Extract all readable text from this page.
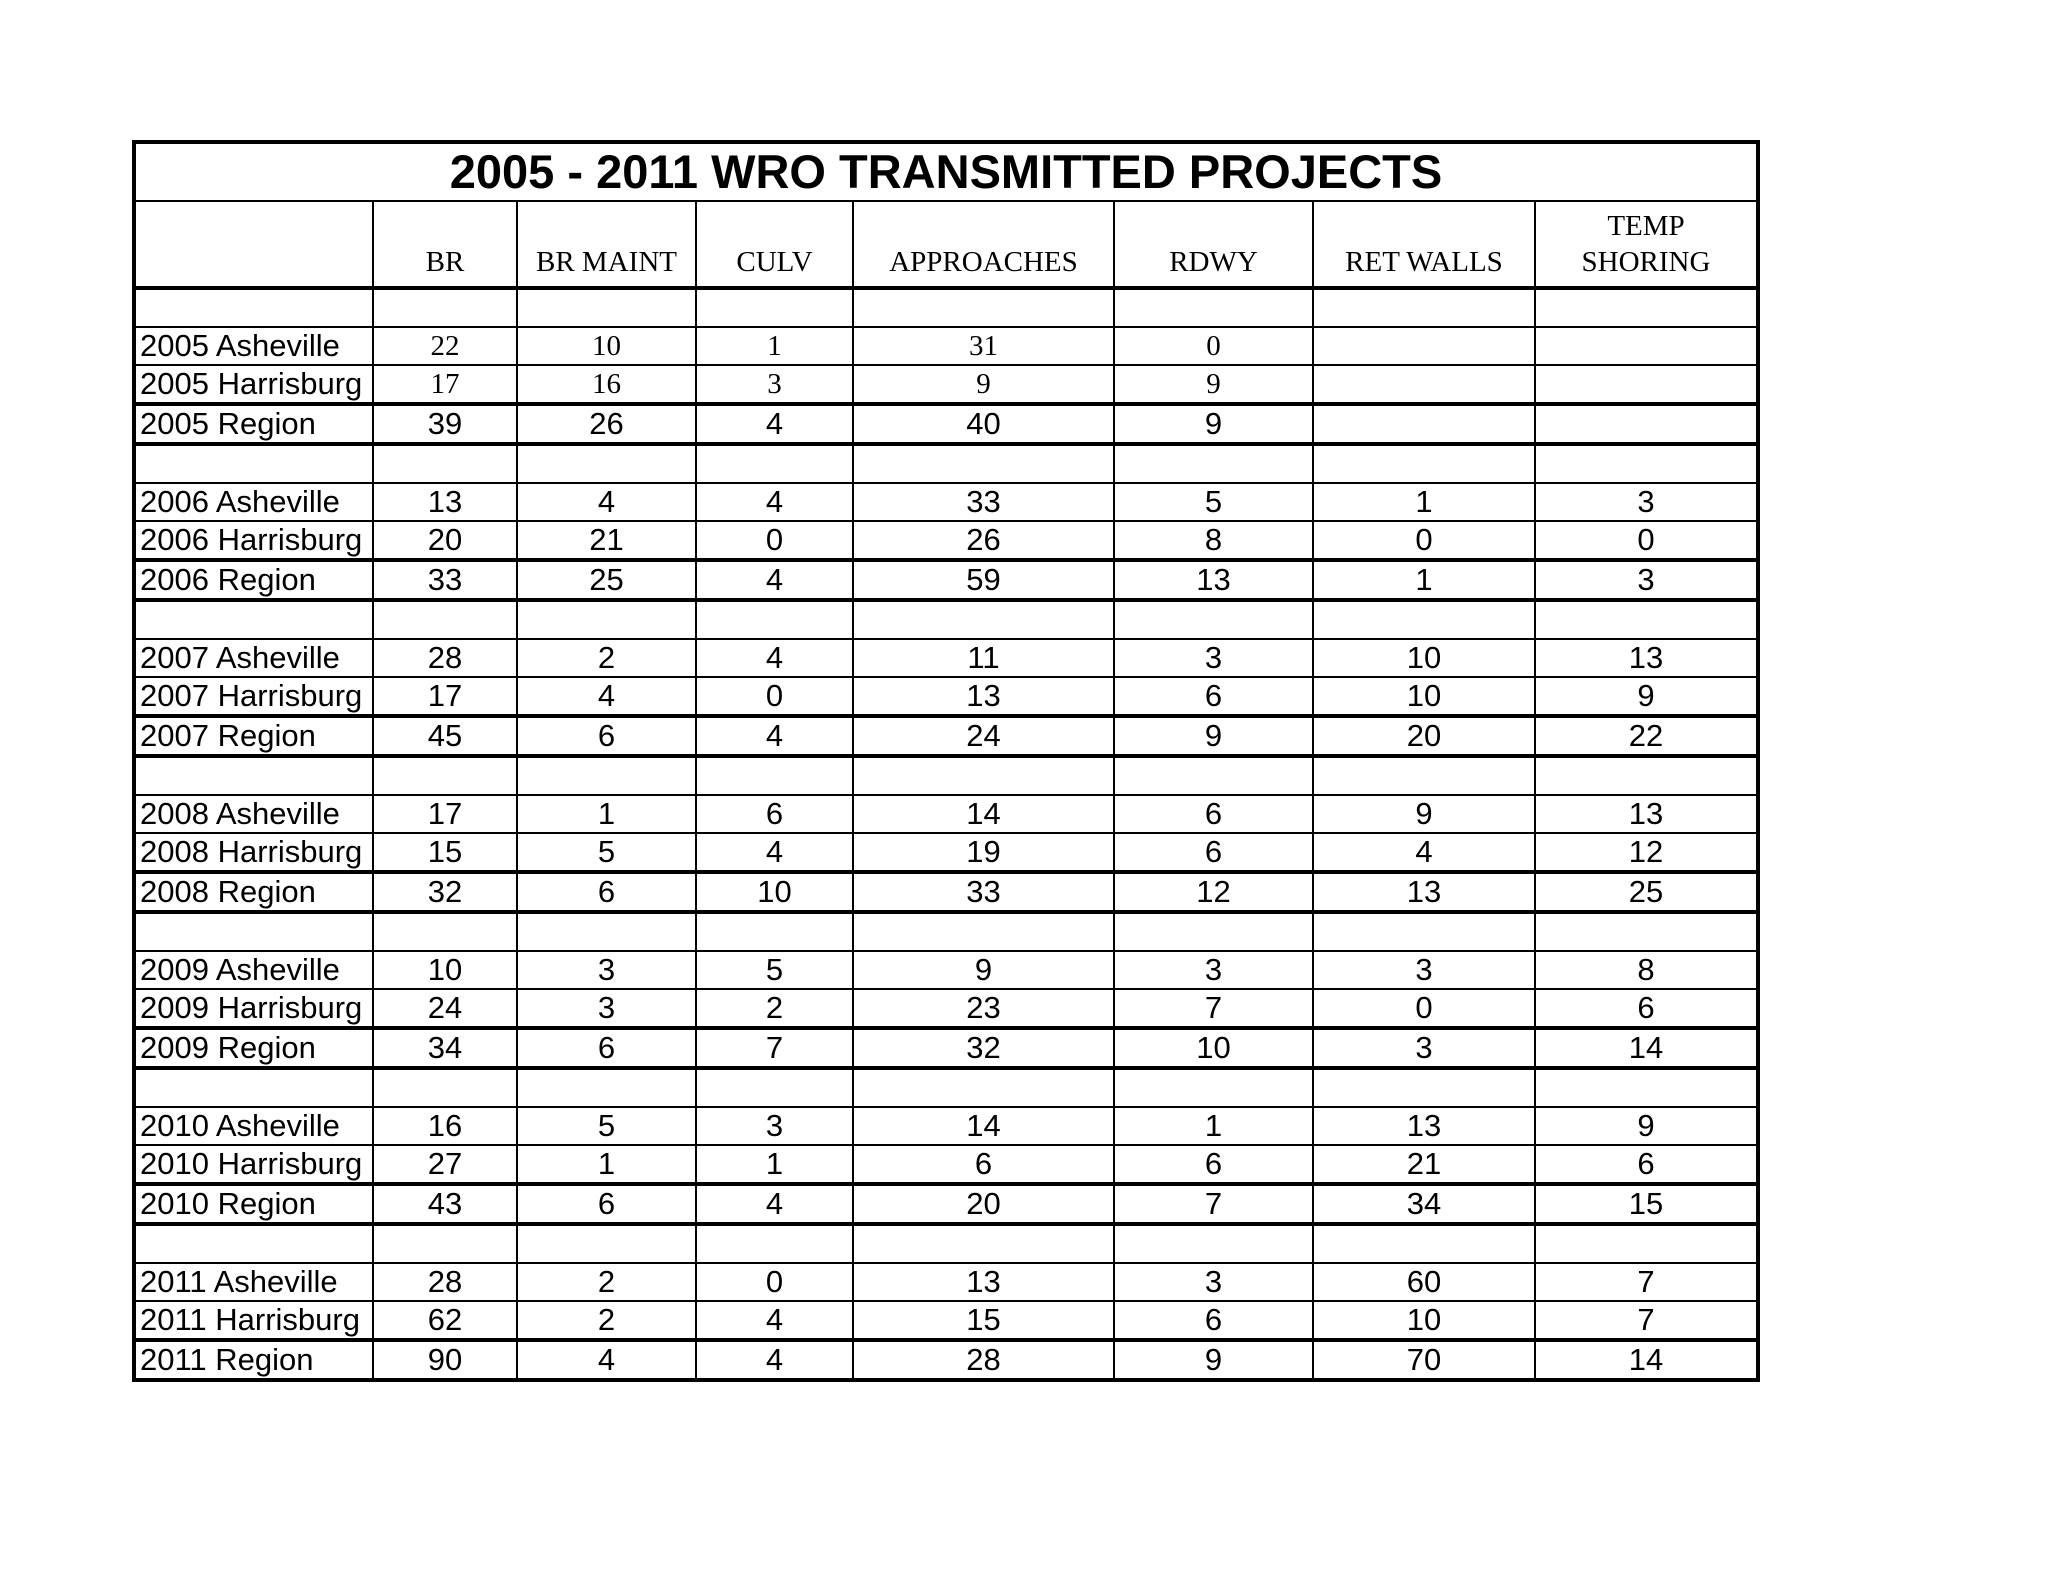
2005 - 2011 WRO TRANSMITTED PROJECTS							
	BR	BR MAINT	CULV	APPROACHES	RDWY	RET WALLS	TEMP
SHORING

2005 Asheville	22	10	1	31	0		
2005 Harrisburg	17	16	3	9	9		
2005 Region	39	26	4	40	9		

2006 Asheville	13	4	4	33	5	1	3
2006 Harrisburg	20	21	0	26	8	0	0
2006 Region	33	25	4	59	13	1	3

2007 Asheville	28	2	4	11	3	10	13
2007 Harrisburg	17	4	0	13	6	10	9
2007 Region	45	6	4	24	9	20	22

2008 Asheville	17	1	6	14	6	9	13
2008 Harrisburg	15	5	4	19	6	4	12
2008 Region	32	6	10	33	12	13	25

2009 Asheville	10	3	5	9	3	3	8
2009 Harrisburg	24	3	2	23	7	0	6
2009 Region	34	6	7	32	10	3	14

2010 Asheville	16	5	3	14	1	13	9
2010 Harrisburg	27	1	1	6	6	21	6
2010 Region	43	6	4	20	7	34	15

2011 Asheville	28	2	0	13	3	60	7
2011 Harrisburg	62	2	4	15	6	10	7
2011 Region	90	4	4	28	9	70	14
